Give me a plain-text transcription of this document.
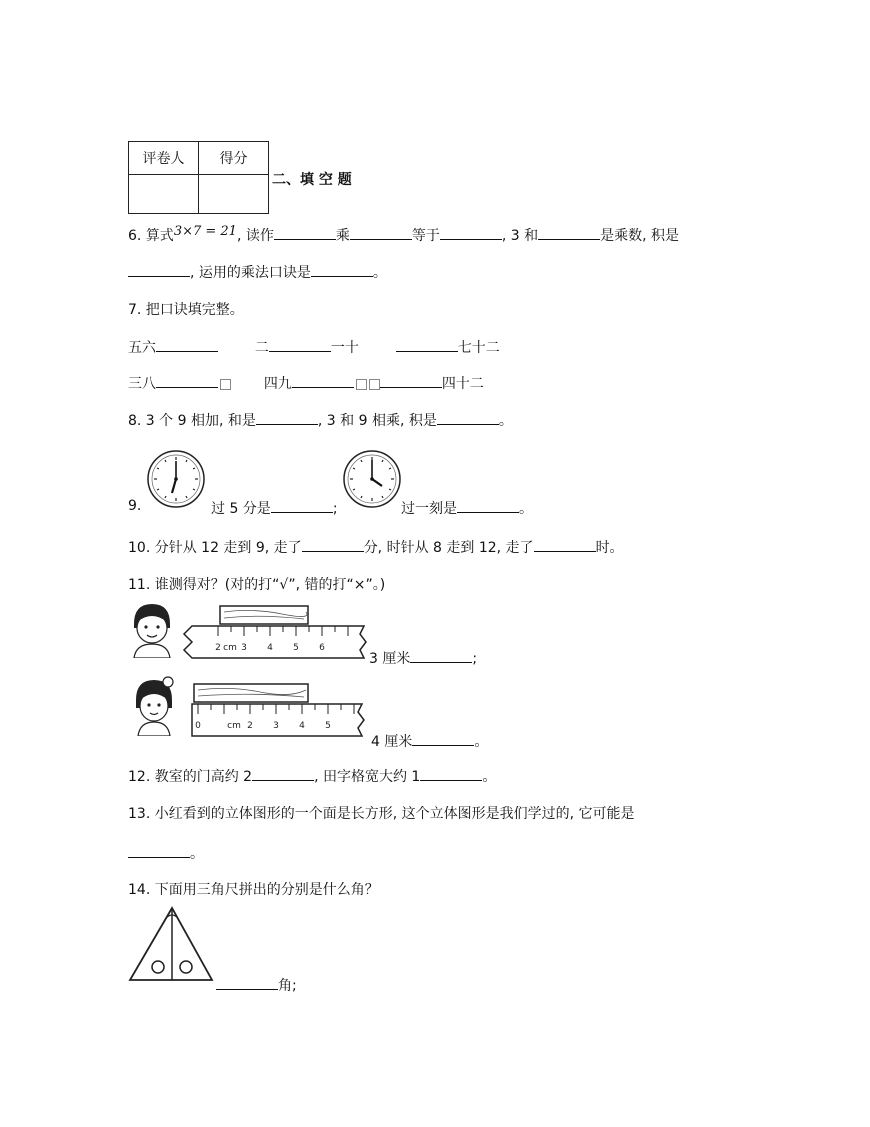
评卷人	得分

二、填 空 题
6. 算式3×7 = 21, 读作	乘	等于	, 3 和	是乘数, 积是
, 运用的乘法口诀是	。
7. 把口诀填完整。
五六	二	一十	七十二
三八	四九	四十二
8. 3 个 9 相加, 和是	, 3 和 9 相乘, 积是	。
9.	过 5 分是	;	过一刻是	。
10. 分针从 12 走到 9, 走了	分, 时针从 8 走到 12, 走了	时。
11. 谁测得对？(对的打“√”, 错的打“×”。)
2 cm 3 4 5 6
3 厘米	;
0	cm 2 3 4 5
4 厘米	。
12. 教室的门高约 2	, 田字格宽大约 1	。
13. 小红看到的立体图形的一个面是长方形, 这个立体图形是我们学过的, 它可能是
。
14. 下面用三角尺拼出的分别是什么角？
角;
